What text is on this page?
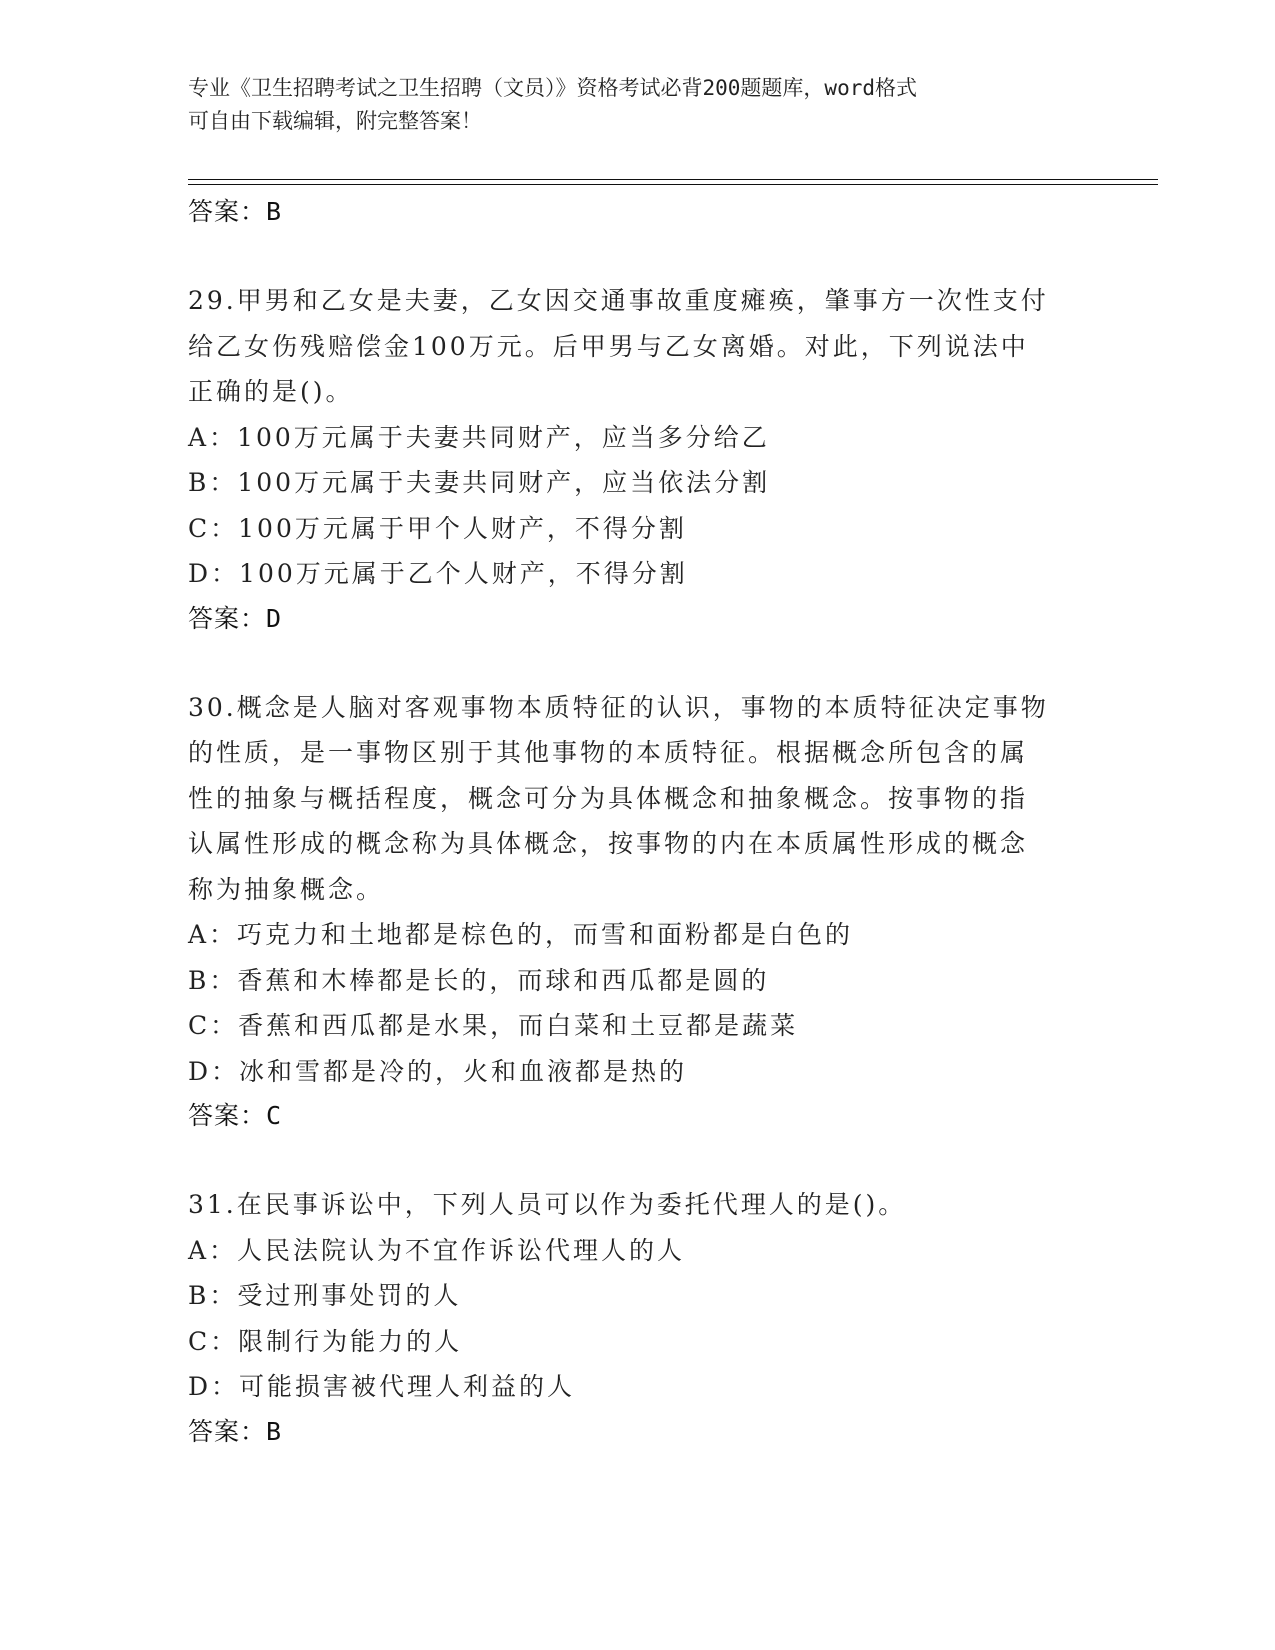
专业《卫生招聘考试之卫生招聘（文员）》资格考试必背200题题库，word格式
可自由下载编辑，附完整答案！
答案：B
29.甲男和乙女是夫妻，乙女因交通事故重度瘫痪，肇事方一次性支付
给乙女伤残赔偿金100万元。后甲男与乙女离婚。对此，下列说法中
正确的是()。
A：100万元属于夫妻共同财产，应当多分给乙
B：100万元属于夫妻共同财产，应当依法分割
C：100万元属于甲个人财产，不得分割
D：100万元属于乙个人财产，不得分割
答案：D
30.概念是人脑对客观事物本质特征的认识，事物的本质特征决定事物
的性质，是一事物区别于其他事物的本质特征。根据概念所包含的属
性的抽象与概括程度，概念可分为具体概念和抽象概念。按事物的指
认属性形成的概念称为具体概念，按事物的内在本质属性形成的概念
称为抽象概念。
A：巧克力和土地都是棕色的，而雪和面粉都是白色的
B：香蕉和木棒都是长的，而球和西瓜都是圆的
C：香蕉和西瓜都是水果，而白菜和土豆都是蔬菜
D：冰和雪都是冷的，火和血液都是热的
答案：C
31.在民事诉讼中，下列人员可以作为委托代理人的是()。
A：人民法院认为不宜作诉讼代理人的人
B：受过刑事处罚的人
C：限制行为能力的人
D：可能损害被代理人利益的人
答案：B
